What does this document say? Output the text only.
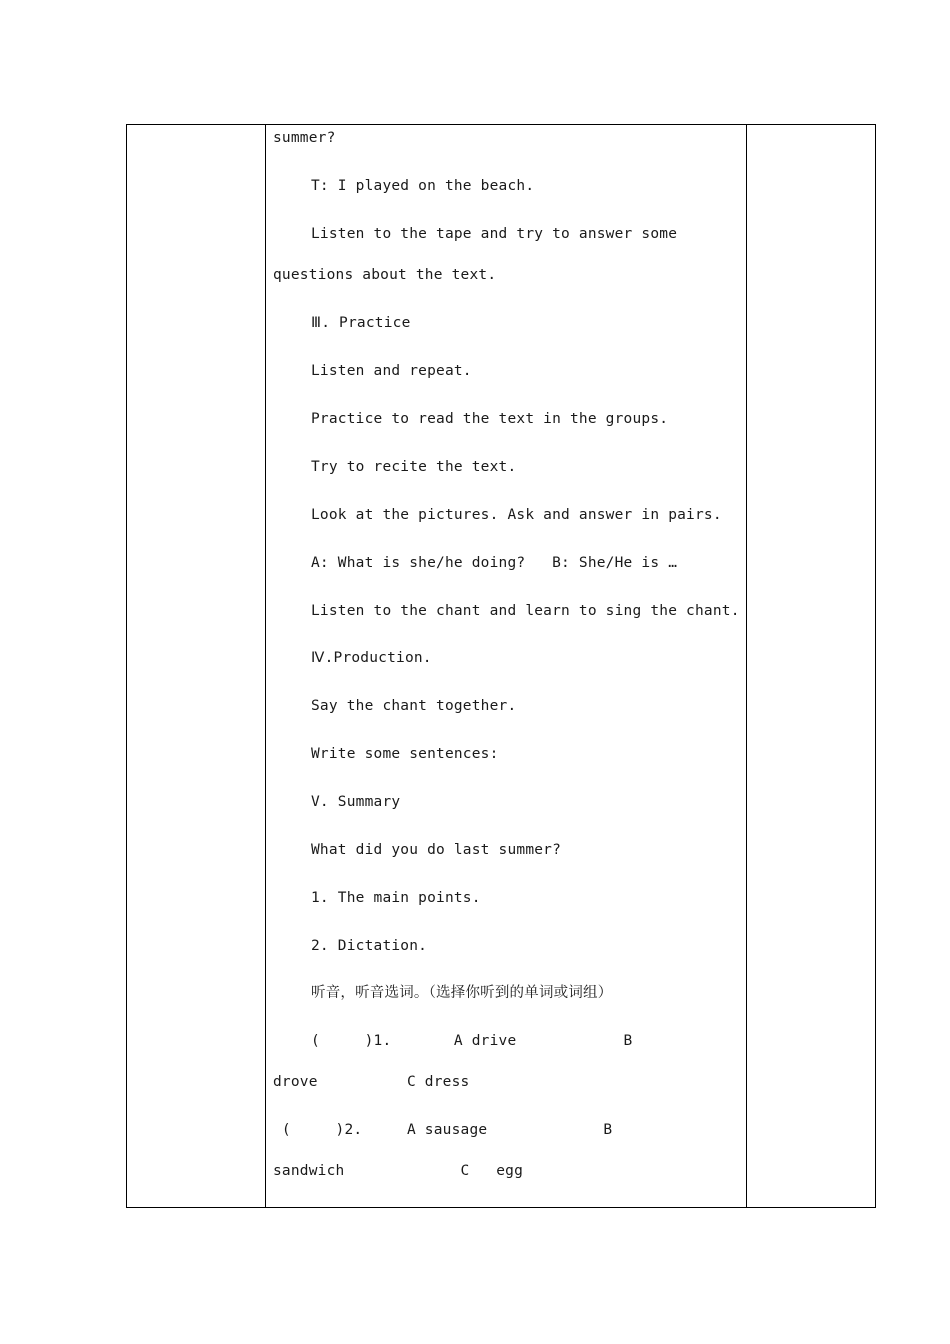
summer?
T: I played on the beach.
Listen to the tape and try to answer some
questions about the text.
Ⅲ. Practice
Listen and repeat.
Practice to read the text in the groups.
Try to recite the text.
Look at the pictures. Ask and answer in pairs.
A: What is she/he doing?   B: She/He is …
Listen to the chant and learn to sing the chant.
Ⅳ.Production.
Say the chant together.
Write some sentences:
V. Summary
What did you do last summer?
1. The main points.
2. Dictation.
听音，听音选词。（选择你听到的单词或词组）
(     )1.       A drive            B
drove          C dress
(     )2.     A sausage             B
sandwich             C   egg
